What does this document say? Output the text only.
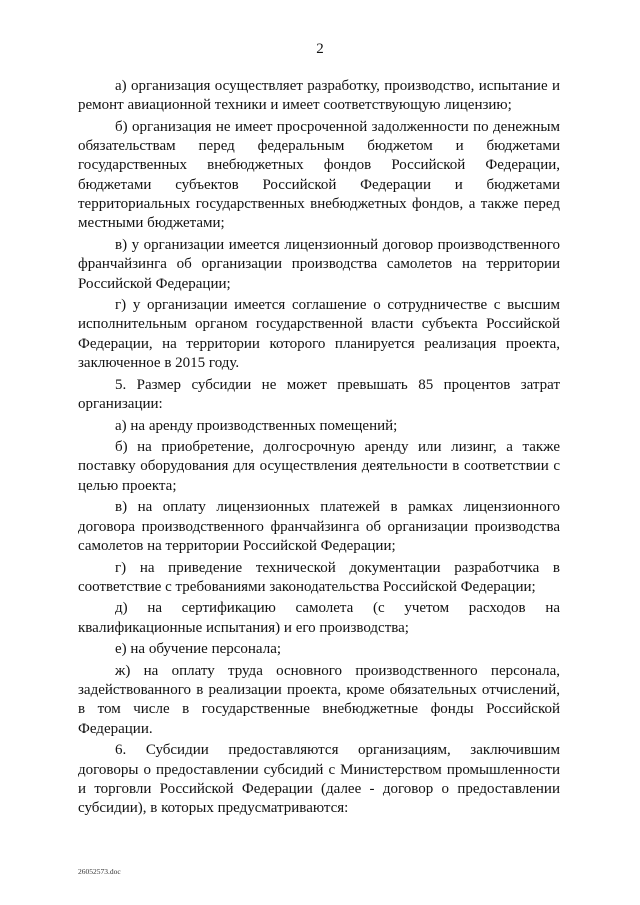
2

а) организация осуществляет разработку, производство, испытание и ремонт авиационной техники и имеет соответствующую лицензию;

б) организация не имеет просроченной задолженности по денежным обязательствам перед федеральным бюджетом и бюджетами государственных внебюджетных фондов Российской Федерации, бюджетами субъектов Российской Федерации и бюджетами территориальных государственных внебюджетных фондов, а также перед местными бюджетами;

в) у организации имеется лицензионный договор производственного франчайзинга об организации производства самолетов на территории Российской Федерации;

г) у организации имеется соглашение о сотрудничестве с высшим исполнительным органом государственной власти субъекта Российской Федерации, на территории которого планируется реализация проекта, заключенное в 2015 году.

5. Размер субсидии не может превышать 85 процентов затрат организации:

а) на аренду производственных помещений;

б) на приобретение, долгосрочную аренду или лизинг, а также поставку оборудования для осуществления деятельности в соответствии с целью проекта;

в) на оплату лицензионных платежей в рамках лицензионного договора производственного франчайзинга об организации производства самолетов на территории Российской Федерации;

г) на приведение технической документации разработчика в соответствие с требованиями законодательства Российской Федерации;

д) на сертификацию самолета (с учетом расходов на квалификационные испытания) и его производства;

е) на обучение персонала;

ж) на оплату труда основного производственного персонала, задействованного в реализации проекта, кроме обязательных отчислений, в том числе в государственные внебюджетные фонды Российской Федерации.

6. Субсидии предоставляются организациям, заключившим договоры о предоставлении субсидий с Министерством промышленности и торговли Российской Федерации (далее - договор о предоставлении субсидии), в которых предусматриваются:

26052573.doc
